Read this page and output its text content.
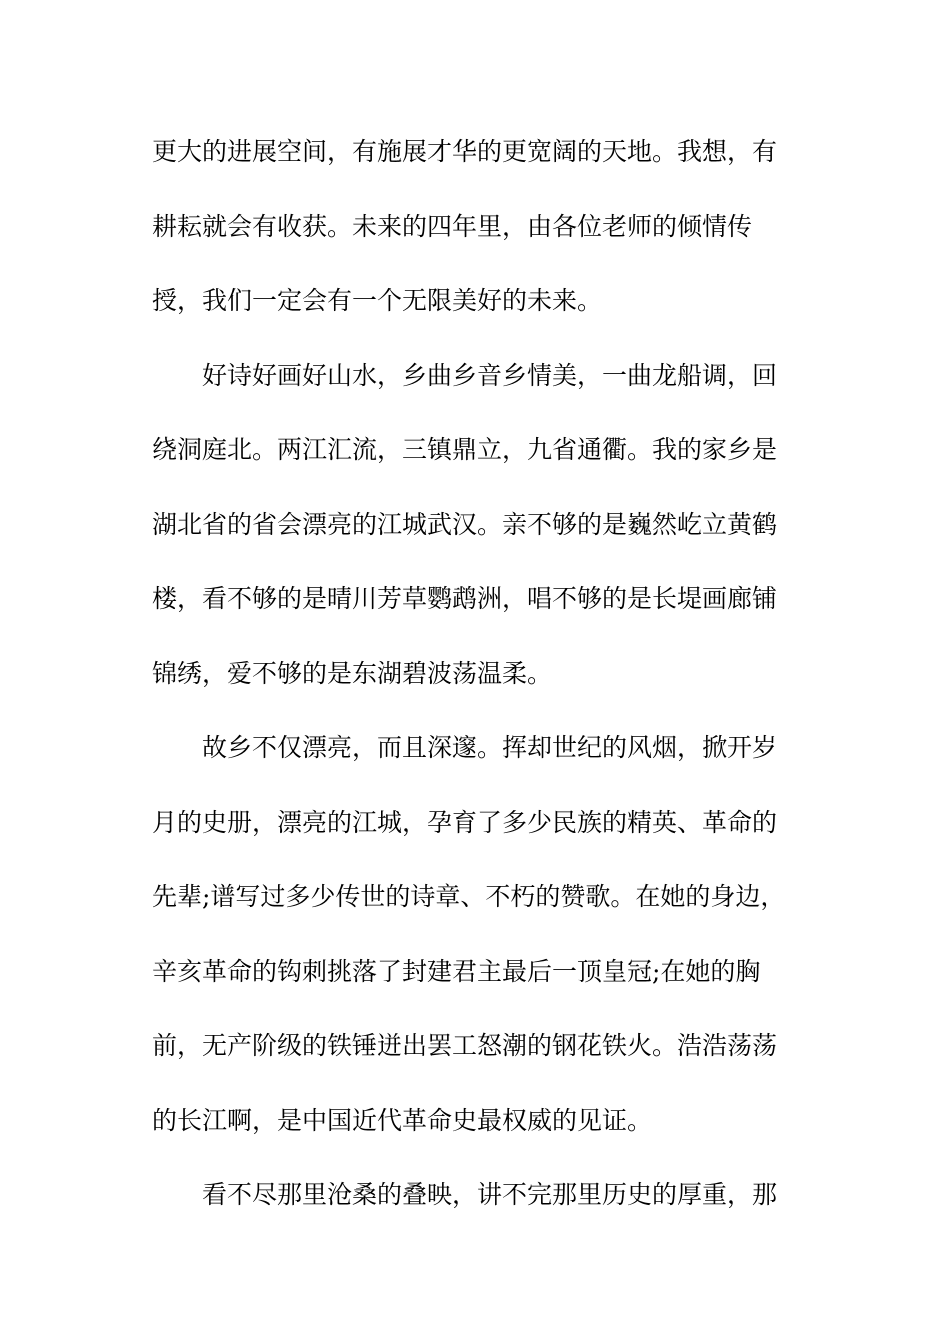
更大的进展空间，有施展才华的更宽阔的天地。我想，有
耕耘就会有收获。未来的四年里，由各位老师的倾情传
授，我们一定会有一个无限美好的未来。
好诗好画好山水，乡曲乡音乡情美，一曲龙船调，回
绕洞庭北。两江汇流，三镇鼎立，九省通衢。我的家乡是
湖北省的省会漂亮的江城武汉。亲不够的是巍然屹立黄鹤
楼，看不够的是晴川芳草鹦鹉洲，唱不够的是长堤画廊铺
锦绣，爱不够的是东湖碧波荡温柔。
故乡不仅漂亮，而且深邃。挥却世纪的风烟，掀开岁
月的史册，漂亮的江城，孕育了多少民族的精英、革命的
先辈;谱写过多少传世的诗章、不朽的赞歌。在她的身边，
辛亥革命的钩刺挑落了封建君主最后一顶皇冠;在她的胸
前，无产阶级的铁锤迸出罢工怒潮的钢花铁火。浩浩荡荡
的长江啊，是中国近代革命史最权威的见证。
看不尽那里沧桑的叠映，讲不完那里历史的厚重，那
